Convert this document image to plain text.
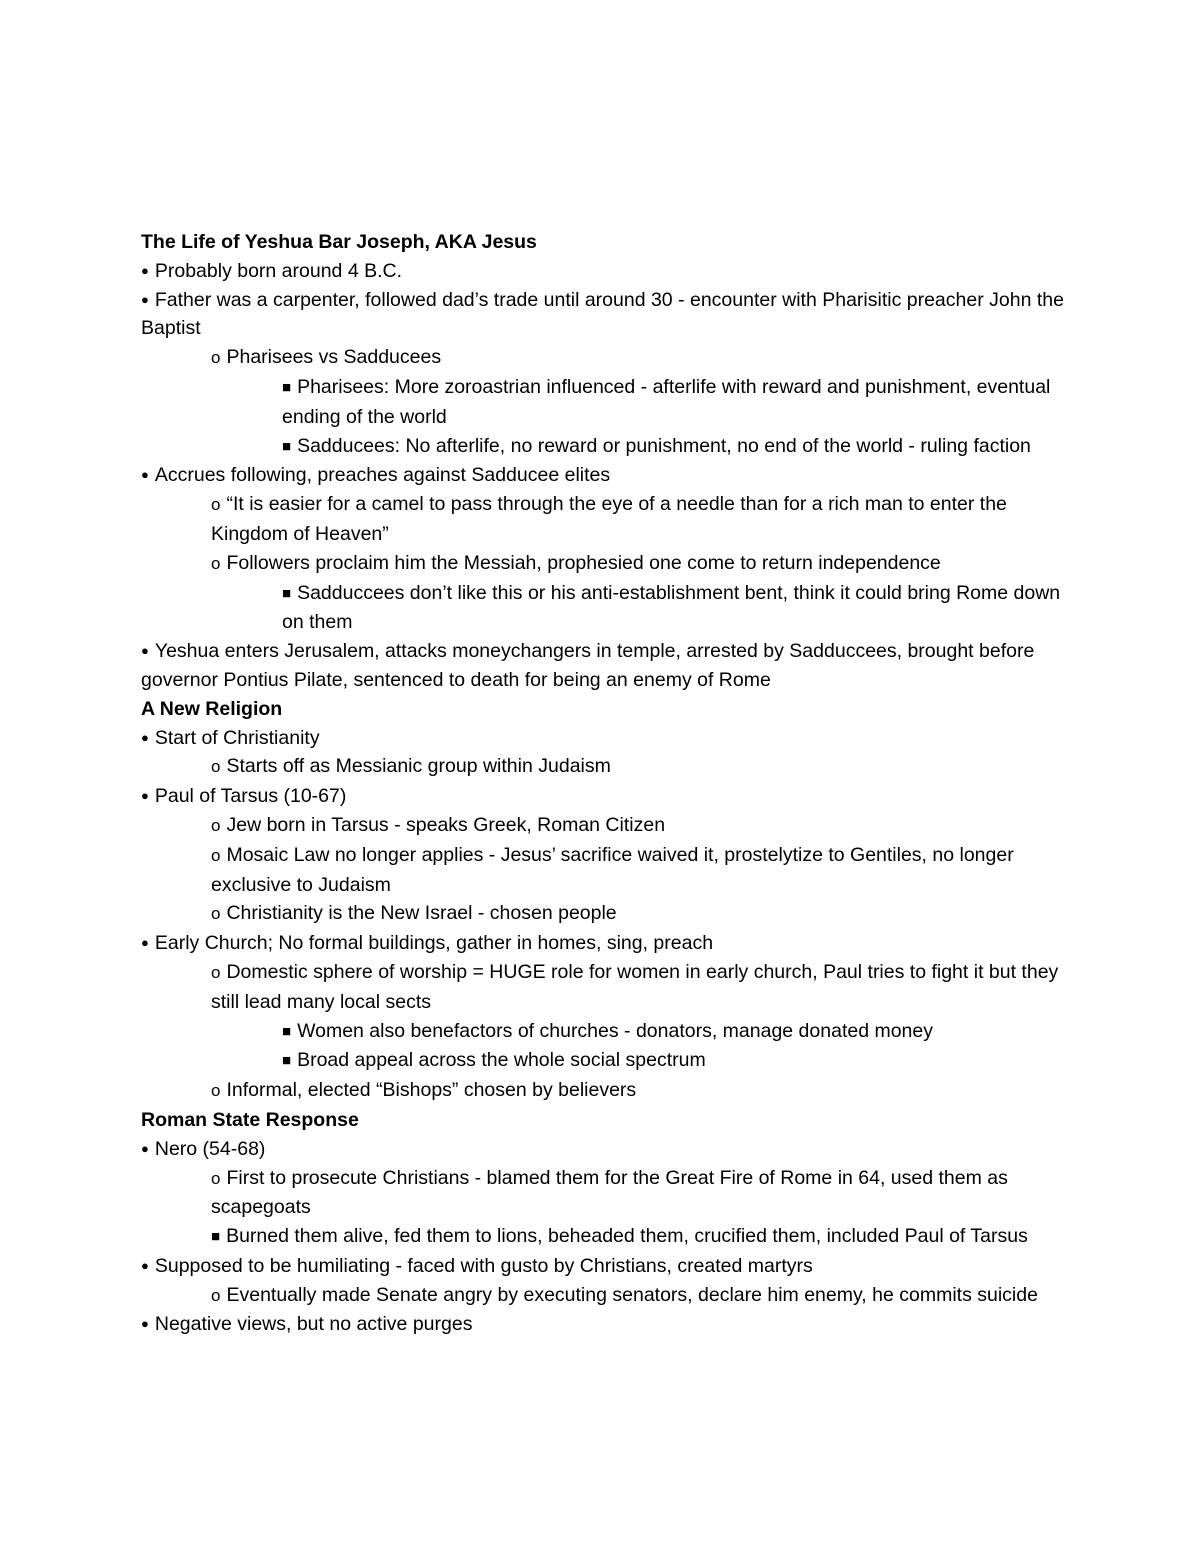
The Life of Yeshua Bar Joseph, AKA Jesus
● Probably born around 4 B.C.
● Father was a carpenter, followed dad’s trade until around 30 - encounter with Pharisitic preacher John the Baptist
o Pharisees vs Sadducees
■ Pharisees: More zoroastrian influenced - afterlife with reward and punishment, eventual ending of the world
■ Sadducees: No afterlife, no reward or punishment, no end of the world - ruling faction
● Accrues following, preaches against Sadducee elites
o “It is easier for a camel to pass through the eye of a needle than for a rich man to enter the Kingdom of Heaven”
o Followers proclaim him the Messiah, prophesied one come to return independence
■ Sadduccees don’t like this or his anti-establishment bent, think it could bring Rome down on them
● Yeshua enters Jerusalem, attacks moneychangers in temple, arrested by Sadduccees, brought before governor Pontius Pilate, sentenced to death for being an enemy of Rome
A New Religion
● Start of Christianity
o Starts off as Messianic group within Judaism
● Paul of Tarsus (10-67)
o Jew born in Tarsus - speaks Greek, Roman Citizen
o Mosaic Law no longer applies - Jesus’ sacrifice waived it, prostelytize to Gentiles, no longer exclusive to Judaism
o Christianity is the New Israel - chosen people
● Early Church; No formal buildings, gather in homes, sing, preach
o Domestic sphere of worship = HUGE role for women in early church, Paul tries to fight it but they still lead many local sects
■ Women also benefactors of churches - donators, manage donated money
■ Broad appeal across the whole social spectrum
o Informal, elected “Bishops” chosen by believers
Roman State Response
● Nero (54-68)
o First to prosecute Christians - blamed them for the Great Fire of Rome in 64, used them as scapegoats
■ Burned them alive, fed them to lions, beheaded them, crucified them, included Paul of Tarsus
● Supposed to be humiliating - faced with gusto by Christians, created martyrs
o Eventually made Senate angry by executing senators, declare him enemy, he commits suicide
● Negative views, but no active purges
